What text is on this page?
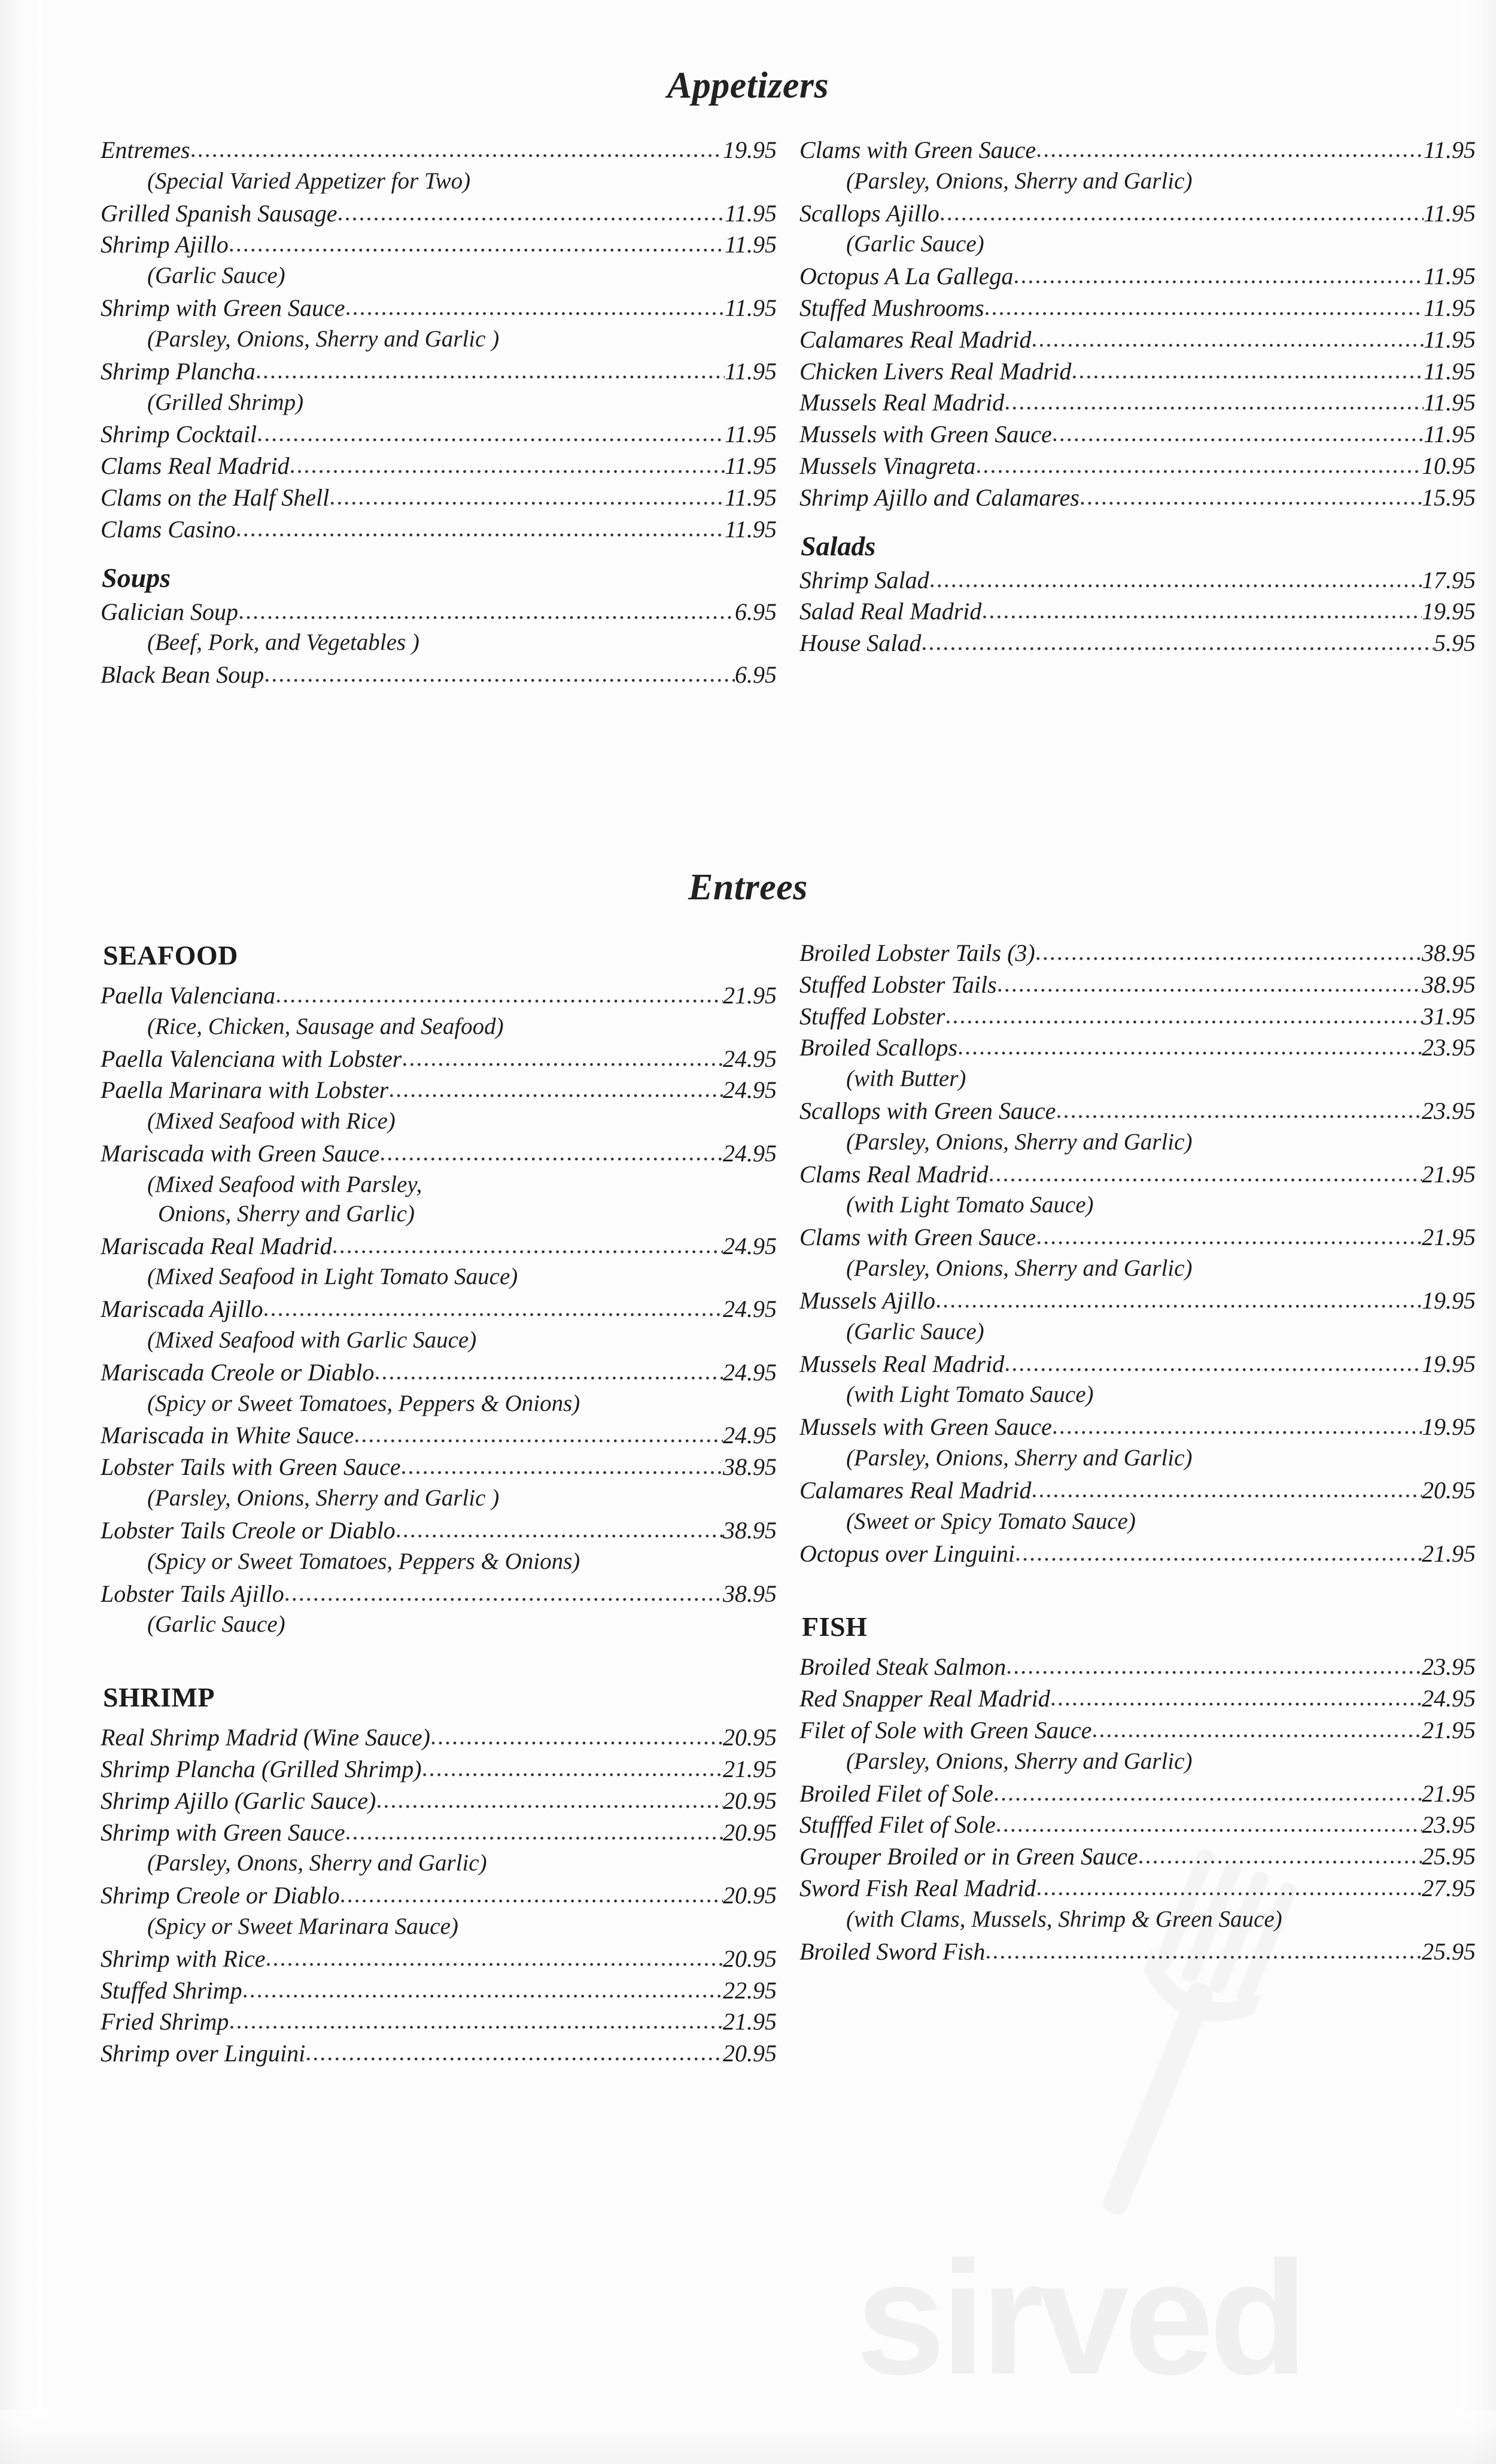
sirved
Appetizers
Entremes .....	19.95
(Special Varied Appetizer for Two)
Grilled Spanish Sausage .....	11.95
Shrimp Ajillo .....	11.95
(Garlic Sauce)
Shrimp with Green Sauce .....	11.95
(Parsley, Onions, Sherry and Garlic )
Shrimp Plancha .....	11.95
(Grilled Shrimp)
Shrimp Cocktail .....	11.95
Clams Real Madrid .....	11.95
Clams on the Half Shell .....	11.95
Clams Casino .....	11.95
Soups
Galician Soup .....	6.95
(Beef, Pork, and Vegetables )
Black Bean Soup .....	6.95
Clams with Green Sauce .....	11.95
(Parsley, Onions, Sherry and Garlic)
Scallops Ajillo .....	11.95
(Garlic Sauce)
Octopus A La Gallega .....	11.95
Stuffed Mushrooms .....	11.95
Calamares Real Madrid .....	11.95
Chicken Livers Real Madrid .....	11.95
Mussels Real Madrid .....	11.95
Mussels with Green Sauce .....	11.95
Mussels Vinagreta .....	10.95
Shrimp Ajillo and Calamares .....	15.95
Salads
Shrimp Salad .....	17.95
Salad Real Madrid .....	19.95
House Salad .....	5.95
Entrees
SEAFOOD
Paella Valenciana .....	21.95
(Rice, Chicken, Sausage and Seafood)
Paella Valenciana with Lobster .....	24.95
Paella Marinara with Lobster .....	24.95
(Mixed Seafood with Rice)
Mariscada with Green Sauce .....	24.95
(Mixed Seafood with Parsley,
Onions, Sherry and Garlic)
Mariscada Real Madrid .....	24.95
(Mixed Seafood in Light Tomato Sauce)
Mariscada Ajillo .....	24.95
(Mixed Seafood with Garlic Sauce)
Mariscada Creole or Diablo .....	24.95
(Spicy or Sweet Tomatoes, Peppers & Onions)
Mariscada in White Sauce .....	24.95
Lobster Tails with Green Sauce .....	38.95
(Parsley, Onions, Sherry and Garlic )
Lobster Tails Creole or Diablo .....	38.95
(Spicy or Sweet Tomatoes, Peppers & Onions)
Lobster Tails Ajillo .....	38.95
(Garlic Sauce)
SHRIMP
Real Shrimp Madrid (Wine Sauce) .....	20.95
Shrimp Plancha (Grilled Shrimp) .....	21.95
Shrimp Ajillo (Garlic Sauce) .....	20.95
Shrimp with Green Sauce .....	20.95
(Parsley, Onons, Sherry and Garlic)
Shrimp Creole or Diablo .....	20.95
(Spicy or Sweet Marinara Sauce)
Shrimp with Rice .....	20.95
Stuffed Shrimp .....	22.95
Fried Shrimp .....	21.95
Shrimp over Linguini .....	20.95
Broiled Lobster Tails (3) .....	38.95
Stuffed Lobster Tails .....	38.95
Stuffed Lobster .....	31.95
Broiled Scallops .....	23.95
(with Butter)
Scallops with Green Sauce .....	23.95
(Parsley, Onions, Sherry and Garlic)
Clams Real Madrid .....	21.95
(with Light Tomato Sauce)
Clams with Green Sauce .....	21.95
(Parsley, Onions, Sherry and Garlic)
Mussels Ajillo .....	19.95
(Garlic Sauce)
Mussels Real Madrid .....	19.95
(with Light Tomato Sauce)
Mussels with Green Sauce .....	19.95
(Parsley, Onions, Sherry and Garlic)
Calamares Real Madrid .....	20.95
(Sweet or Spicy Tomato Sauce)
Octopus over Linguini .....	21.95
FISH
Broiled Steak Salmon .....	23.95
Red Snapper Real Madrid .....	24.95
Filet of Sole with Green Sauce .....	21.95
(Parsley, Onions, Sherry and Garlic)
Broiled Filet of Sole .....	21.95
Stufffed Filet of Sole .....	23.95
Grouper Broiled or in Green Sauce .....	25.95
Sword Fish Real Madrid .....	27.95
(with Clams, Mussels, Shrimp & Green Sauce)
Broiled Sword Fish .....	25.95
